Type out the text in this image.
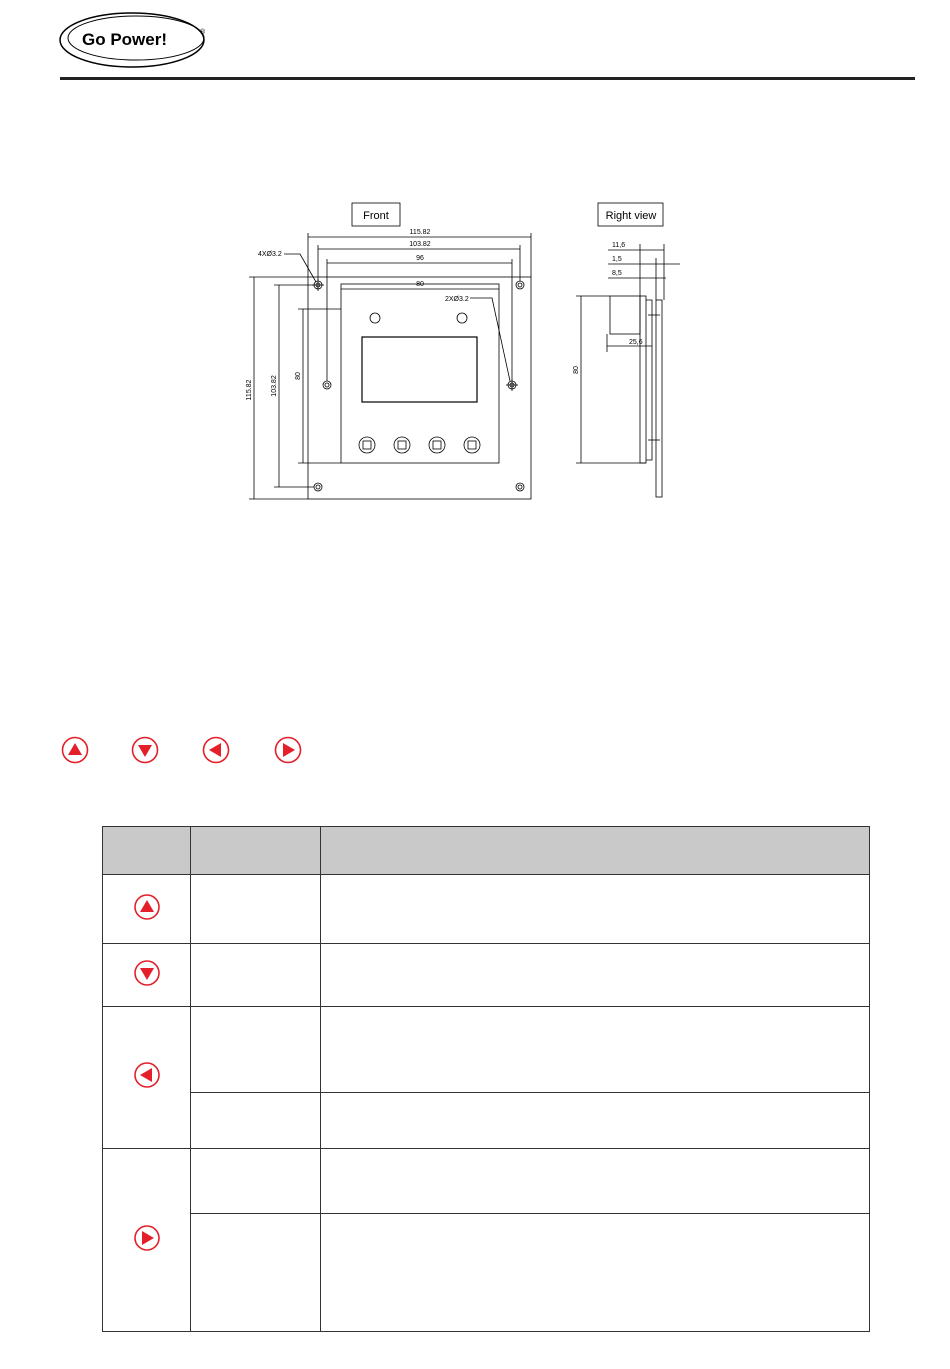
Go Power!	®
Front	Right view
115.82
103.82
96
80
4XØ3.2
2XØ3.2
115.82	103.82 80
11,6
1,5
8,5
25,6
80
